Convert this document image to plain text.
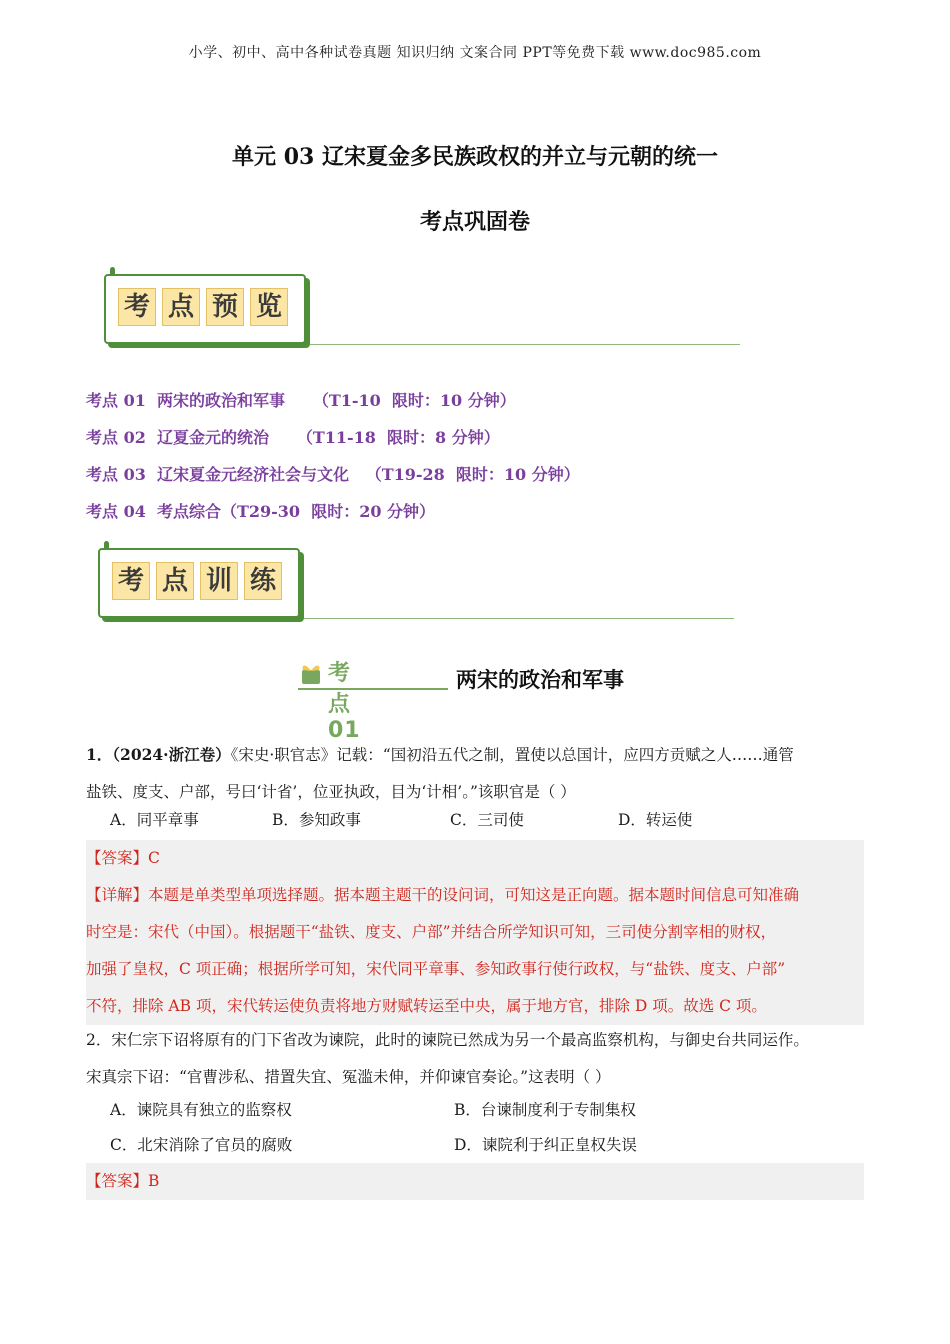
小学、初中、高中各种试卷真题 知识归纳 文案合同 PPT等免费下载 www.doc985.com
单元 03 辽宋夏金多民族政权的并立与元朝的统一
考点巩固卷
考 点 预 览
考点 01  两宋的政治和军事     （T1-10  限时：10 分钟）
考点 02  辽夏金元的统治     （T11-18  限时：8 分钟）
考点 03  辽宋夏金元经济社会与文化   （T19-28  限时：10 分钟）
考点 04  考点综合（T29-30  限时：20 分钟）
考 点 训 练
考点01
两宋的政治和军事
1．（2024·浙江卷）《宋史·职官志》记载：“国初沿五代之制，置使以总国计，应四方贡赋之人……通管
盐铁、度支、户部，号曰‘计省’，位亚执政，目为‘计相’。”该职官是（ ）
A．同平章事	B．参知政事	C．三司使	D．转运使

【答案】C

【详解】本题是单类型单项选择题。据本题主题干的设问词，可知这是正向题。据本题时间信息可知准确

时空是：宋代（中国）。根据题干“盐铁、度支、户部”并结合所学知识可知，三司使分割宰相的财权，

加强了皇权，C 项正确；根据所学可知，宋代同平章事、参知政事行使行政权，与“盐铁、度支、户部”

不符，排除 AB 项，宋代转运使负责将地方财赋转运至中央，属于地方官，排除 D 项。故选 C 项。

2．宋仁宗下诏将原有的门下省改为谏院，此时的谏院已然成为另一个最高监察机构，与御史台共同运作。
宋真宗下诏：“官曹涉私、措置失宜、冤滥未伸，并仰谏官奏论。”这表明（ ）
A．谏院具有独立的监察权	B．台谏制度利于专制集权
C．北宋消除了官员的腐败	D．谏院利于纠正皇权失误

【答案】B
